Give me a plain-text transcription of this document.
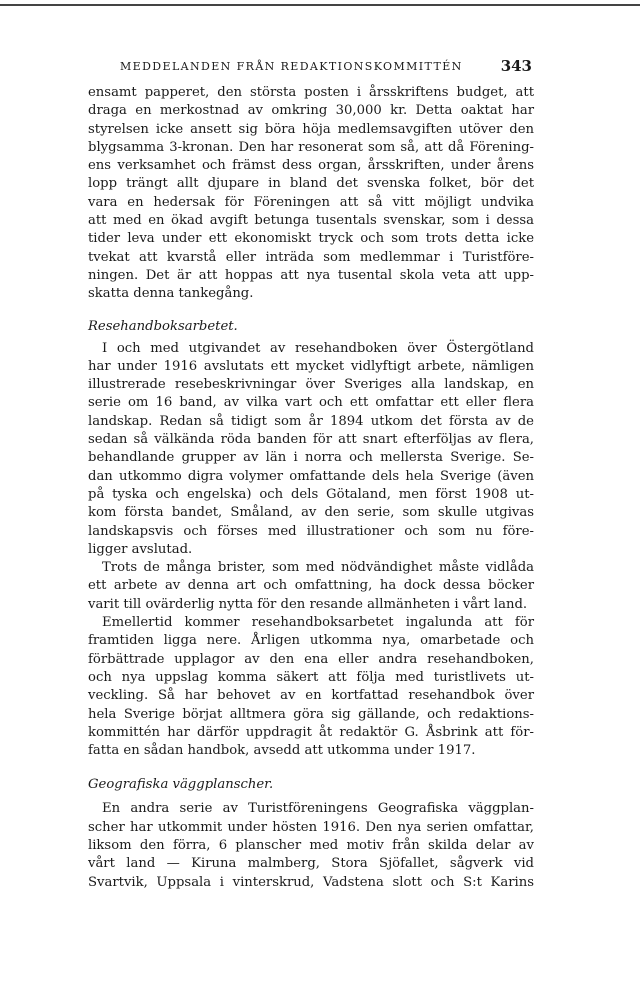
MEDDELANDEN FRÅN REDAKTIONSKOMMITTÉN	343
ensamt papperet, den största posten i årsskriftens budget, att
draga en merkostnad av omkring 30,000 kr. Detta oaktat har
styrelsen icke ansett sig böra höja medlemsavgiften utöver den
blygsamma 3-kronan. Den har resonerat som så, att då Förening-
ens verksamhet och främst dess organ, årsskriften, under årens
lopp trängt allt djupare in bland det svenska folket, bör det
vara en hedersak för Föreningen att så vitt möjligt undvika
att med en ökad avgift betunga tusentals svenskar, som i dessa
tider leva under ett ekonomiskt tryck och som trots detta icke
tvekat att kvarstå eller inträda som medlemmar i Turistföre-
ningen. Det är att hoppas att nya tusental skola veta att upp-
skatta denna tankegång.
Resehandboksarbetet.
I och med utgivandet av resehandboken över Östergötland
har under 1916 avslutats ett mycket vidlyftigt arbete, nämligen
illustrerade resebeskrivningar över Sveriges alla landskap, en
serie om 16 band, av vilka vart och ett omfattar ett eller flera
landskap. Redan så tidigt som år 1894 utkom det första av de
sedan så välkända röda banden för att snart efterföljas av flera,
behandlande grupper av län i norra och mellersta Sverige. Se-
dan utkommo digra volymer omfattande dels hela Sverige (även
på tyska och engelska) och dels Götaland, men först 1908 ut-
kom första bandet, Småland, av den serie, som skulle utgivas
landskapsvis och förses med illustrationer och som nu före-
ligger avslutad.
Trots de många brister, som med nödvändighet måste vidlåda
ett arbete av denna art och omfattning, ha dock dessa böcker
varit till ovärderlig nytta för den resande allmänheten i vårt land.
Emellertid kommer resehandboksarbetet ingalunda att för
framtiden ligga nere. Årligen utkomma nya, omarbetade och
förbättrade upplagor av den ena eller andra resehandboken,
och nya uppslag komma säkert att följa med turistlivets ut-
veckling. Så har behovet av en kortfattad resehandbok över
hela Sverige börjat alltmera göra sig gällande, och redaktions-
kommittén har därför uppdragit åt redaktör G. Åsbrink att för-
fatta en sådan handbok, avsedd att utkomma under 1917.
Geografiska väggplanscher.
En andra serie av Turistföreningens Geografiska väggplan-
scher har utkommit under hösten 1916. Den nya serien omfattar,
liksom den förra, 6 planscher med motiv från skilda delar av
vårt land — Kiruna malmberg, Stora Sjöfallet, sågverk vid
Svartvik, Uppsala i vinterskrud, Vadstena slott och S:t Karins
